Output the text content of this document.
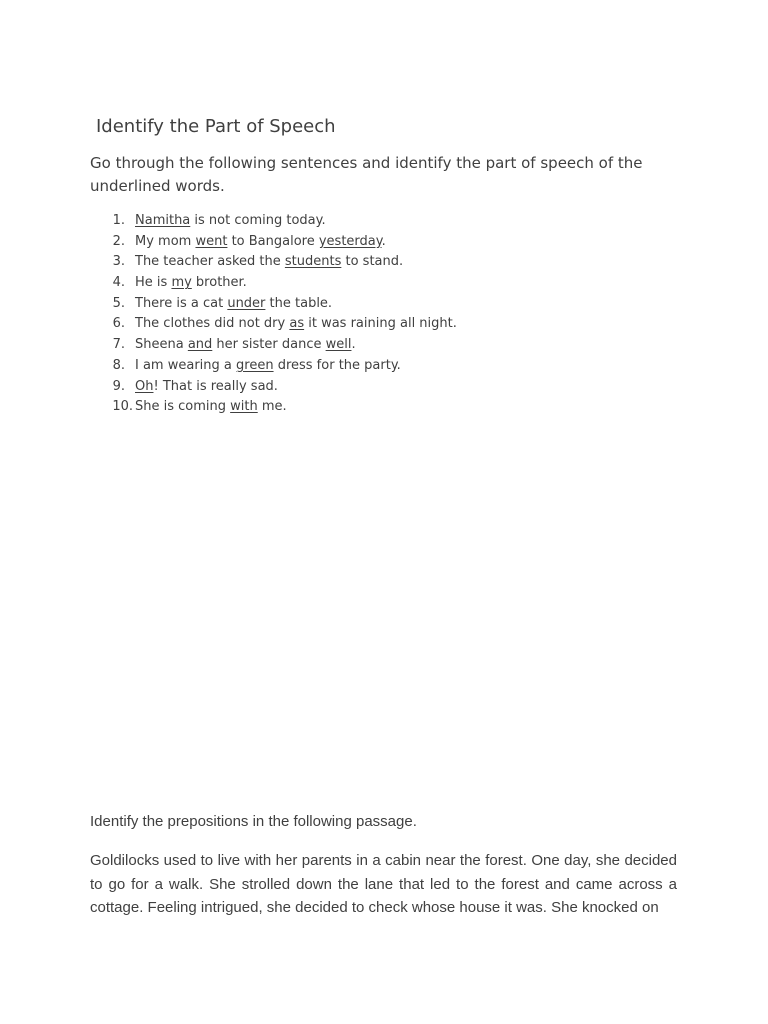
Identify the Part of Speech

Go through the following sentences and identify the part of speech of the underlined words.

1. Namitha is not coming today.
2. My mom went to Bangalore yesterday.
3. The teacher asked the students to stand.
4. He is my brother.
5. There is a cat under the table.
6. The clothes did not dry as it was raining all night.
7. Sheena and her sister dance well.
8. I am wearing a green dress for the party.
9. Oh! That is really sad.
10. She is coming with me.

Identify the prepositions in the following passage.

Goldilocks used to live with her parents in a cabin near the forest. One day, she decided to go for a walk. She strolled down the lane that led to the forest and came across a cottage. Feeling intrigued, she decided to check whose house it was. She knocked on
